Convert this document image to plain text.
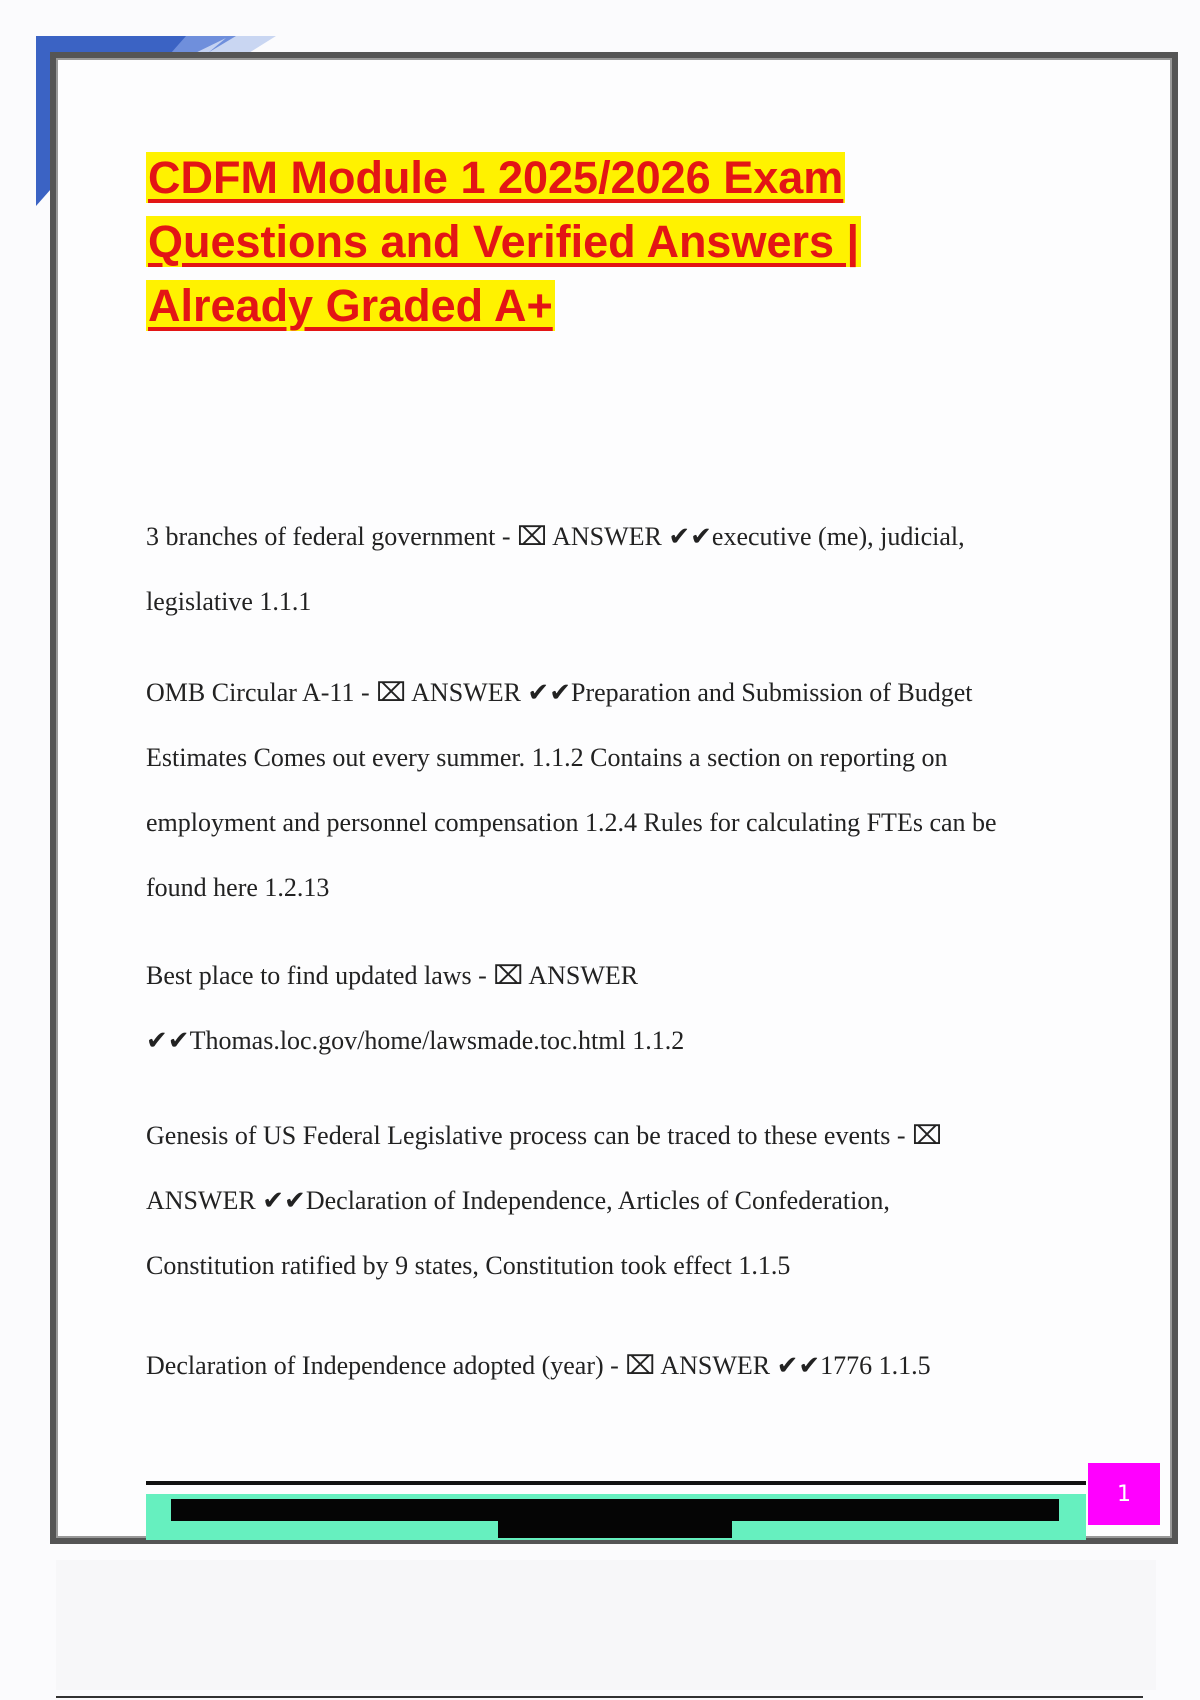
CDFM Module 1 2025/2026 Exam
Questions and Verified Answers |
Already Graded A+
3 branches of federal government - ⌧ ANSWER ✔✔executive (me), judicial,
legislative 1.1.1
OMB Circular A-11 - ⌧ ANSWER ✔✔Preparation and Submission of Budget
Estimates Comes out every summer. 1.1.2 Contains a section on reporting on
employment and personnel compensation 1.2.4 Rules for calculating FTEs can be
found here 1.2.13
Best place to find updated laws - ⌧ ANSWER
✔✔Thomas.loc.gov/home/lawsmade.toc.html 1.1.2
Genesis of US Federal Legislative process can be traced to these events - ⌧
ANSWER ✔✔Declaration of Independence, Articles of Confederation,
Constitution ratified by 9 states, Constitution took effect 1.1.5
Declaration of Independence adopted (year) - ⌧ ANSWER ✔✔1776 1.1.5
1
